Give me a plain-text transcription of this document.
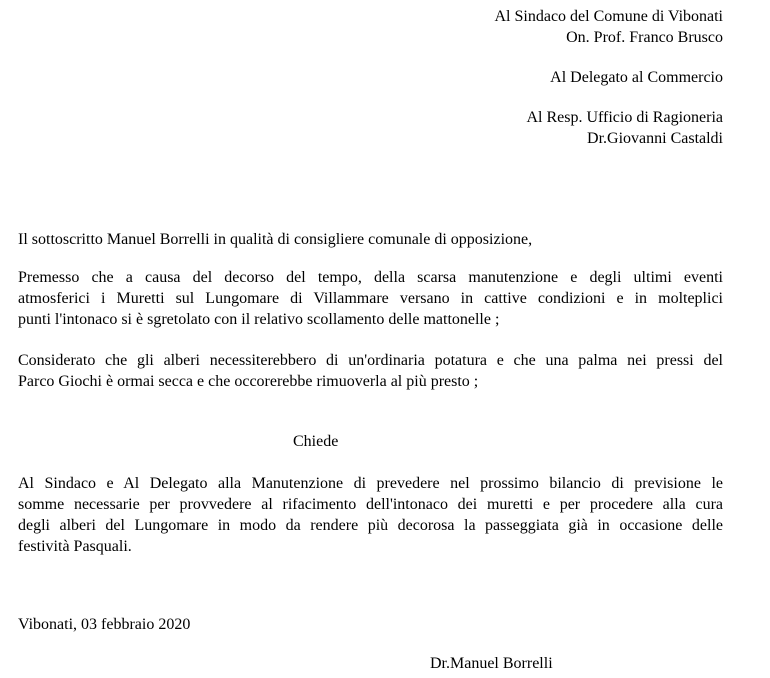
Al Sindaco del Comune di Vibonati
On. Prof. Franco Brusco
Al Delegato al Commercio
Al Resp. Ufficio di Ragioneria
Dr.Giovanni Castaldi
Il sottoscritto Manuel Borrelli in qualità di consigliere comunale di opposizione,
Premesso che a causa del decorso del tempo, della scarsa manutenzione e degli ultimi eventi
atmosferici i Muretti sul Lungomare di Villammare versano in cattive condizioni e in molteplici
punti l'intonaco si è sgretolato con il relativo scollamento delle mattonelle ;
Considerato che gli alberi necessiterebbero di un'ordinaria potatura e che una palma nei pressi del
Parco Giochi è ormai secca e che occorerebbe rimuoverla al più presto ;
Chiede
Al Sindaco e Al Delegato alla Manutenzione di prevedere nel prossimo bilancio di previsione le
somme necessarie per provvedere al rifacimento dell'intonaco dei muretti e per procedere alla cura
degli alberi del Lungomare in modo da rendere più decorosa la passeggiata già in occasione delle
festività Pasquali.
Vibonati, 03 febbraio 2020
Dr.Manuel Borrelli
